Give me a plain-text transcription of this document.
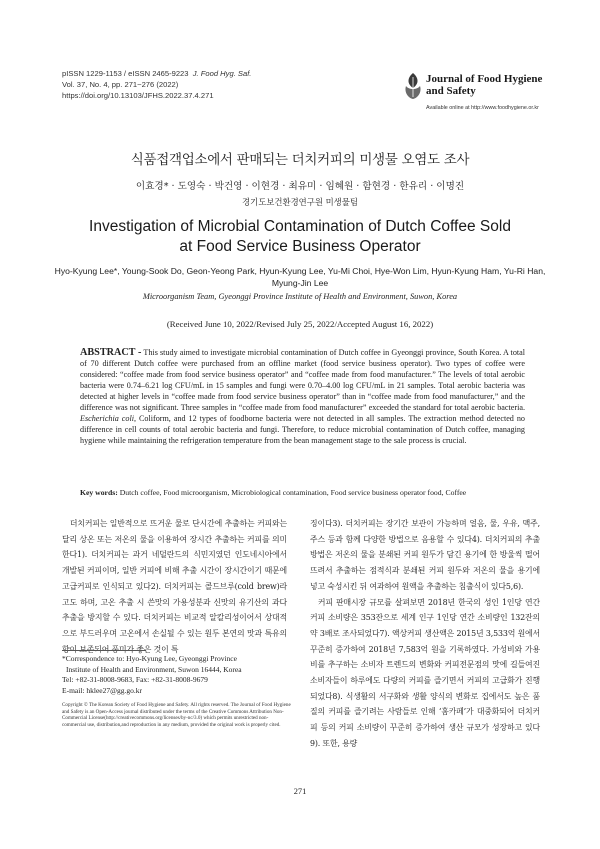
pISSN 1229-1153 / eISSN 2465-9223 J. Food Hyg. Saf.
Vol. 37, No. 4, pp. 271~276 (2022)
https://doi.org/10.13103/JFHS.2022.37.4.271
Journal of Food Hygiene
and Safety
Available online at http://www.foodhygiene.or.kr
식품접객업소에서 판매되는 더치커피의 미생물 오염도 조사
이효경* · 도영숙 · 박건영 · 이현경 · 최유미 · 임혜원 · 함현경 · 한유리 · 이명진
경기도보건환경연구원 미생물팀
Investigation of Microbial Contamination of Dutch Coffee Sold
at Food Service Business Operator
Hyo-Kyung Lee*, Young-Sook Do, Geon-Yeong Park, Hyun-Kyung Lee, Yu-Mi Choi, Hye-Won Lim, Hyun-Kyung Ham, Yu-Ri Han, Myung-Jin Lee
Microorganism Team, Gyeonggi Province Institute of Health and Environment, Suwon, Korea
(Received June 10, 2022/Revised July 25, 2022/Accepted August 16, 2022)
ABSTRACT - This study aimed to investigate microbial contamination of Dutch coffee in Gyeonggi province, South Korea. A total of 70 different Dutch coffee were purchased from an offline market (food service business operator). Two types of coffee were considered: “coffee made from food service business operator” and “coffee made from food manufacturer.” The levels of total aerobic bacteria were 0.74–6.21 log CFU/mL in 15 samples and fungi were 0.70–4.00 log CFU/mL in 21 samples. Total aerobic bacteria was detected at higher levels in “coffee made from food service business operator” than in “coffee made from food manufacturer,” and the difference was not significant. Three samples in “coffee made from food manufacturer” exceeded the standard for total aerobic bacteria. Escherichia coli, Coliform, and 12 types of foodborne bacteria were not detected in all samples. The extraction method detected no difference in cell counts of total aerobic bacteria and fungi. Therefore, to reduce microbial contamination of Dutch coffee, managing hygiene while maintaining the refrigeration temperature from the bean management stage to the sale process is crucial.
Key words: Dutch coffee, Food microorganism, Microbiological contamination, Food service business operator food, Coffee

더치커피는 일반적으로 뜨거운 물로 단시간에 추출하는 커피와는 달리 상온 또는 저온의 물을 이용하여 장시간 추출하는 커피를 의미한다1). 더치커피는 과거 네덜란드의 식민지였던 인도네시아에서 개발된 커피이며, 일반 커피에 비해 추출 시간이 장시간이기 때문에 고급커피로 인식되고 있다2). 더치커피는 콜드브루(cold brew)라고도 하며, 고온 추출 시 쓴맛의 가용성분과 신맛의 유기산의 과다 추출을 방지할 수 있다. 더치커피는 비교적 알칼리성이어서 상대적으로 부드러우며 고온에서 손실될 수 있는 원두 본연의 맛과 특유의 향이 보존되어 풍미가 좋은 것이 특

징이다3). 더치커피는 장기간 보관이 가능하며 얼음, 물, 우유, 맥주, 주스 등과 함께 다양한 방법으로 음용할 수 있다4). 더치커피의 추출방법은 저온의 물을 분쇄된 커피 원두가 담긴 용기에 한 방울씩 떨어뜨려서 추출하는 점적식과 분쇄된 커피 원두와 저온의 물을 용기에 넣고 숙성시킨 뒤 여과하여 원액을 추출하는 침출식이 있다5,6).

커피 판매시장 규모를 살펴보면 2018년 한국의 성인 1인당 연간 커피 소비량은 353잔으로 세계 인구 1인당 연간 소비량인 132잔의 약 3배로 조사되었다7). 액상커피 생산액은 2015년 3,533억 원에서 꾸준히 증가하여 2018년 7,583억 원을 기록하였다. 가성비와 가용비를 추구하는 소비자 트렌드의 변화와 커피전문점의 맛에 길들여진 소비자들이 하루에도 다량의 커피를 즐기면서 커피의 고급화가 진행되었다8). 식생활의 서구화와 생활 양식의 변화로 집에서도 높은 품질의 커피를 즐기려는 사람들로 인해 ‘홈카페’가 대중화되어 더치커피 등의 커피 소비량이 꾸준히 증가하여 생산 규모가 성장하고 있다9). 또한, 용량

*Correspondence to: Hyo-Kyung Lee, Gyeonggi Province
Institute of Health and Environment, Suwon 16444, Korea
Tel: +82-31-8008-9683, Fax: +82-31-8008-9679
E-mail: hklee27@gg.go.kr
Copyright © The Korean Society of Food Hygiene and Safety. All rights reserved. The Journal of Food Hygiene and Safety is an Open-Access journal distributed under the terms of the Creative Commons Attribution Non-Commercial License(http://creativecommons.org/licenses/by-nc/3.0) which permits unrestricted non-commercial use, distribution,and reproduction in any medium, provided the original work is properly cited.
271
